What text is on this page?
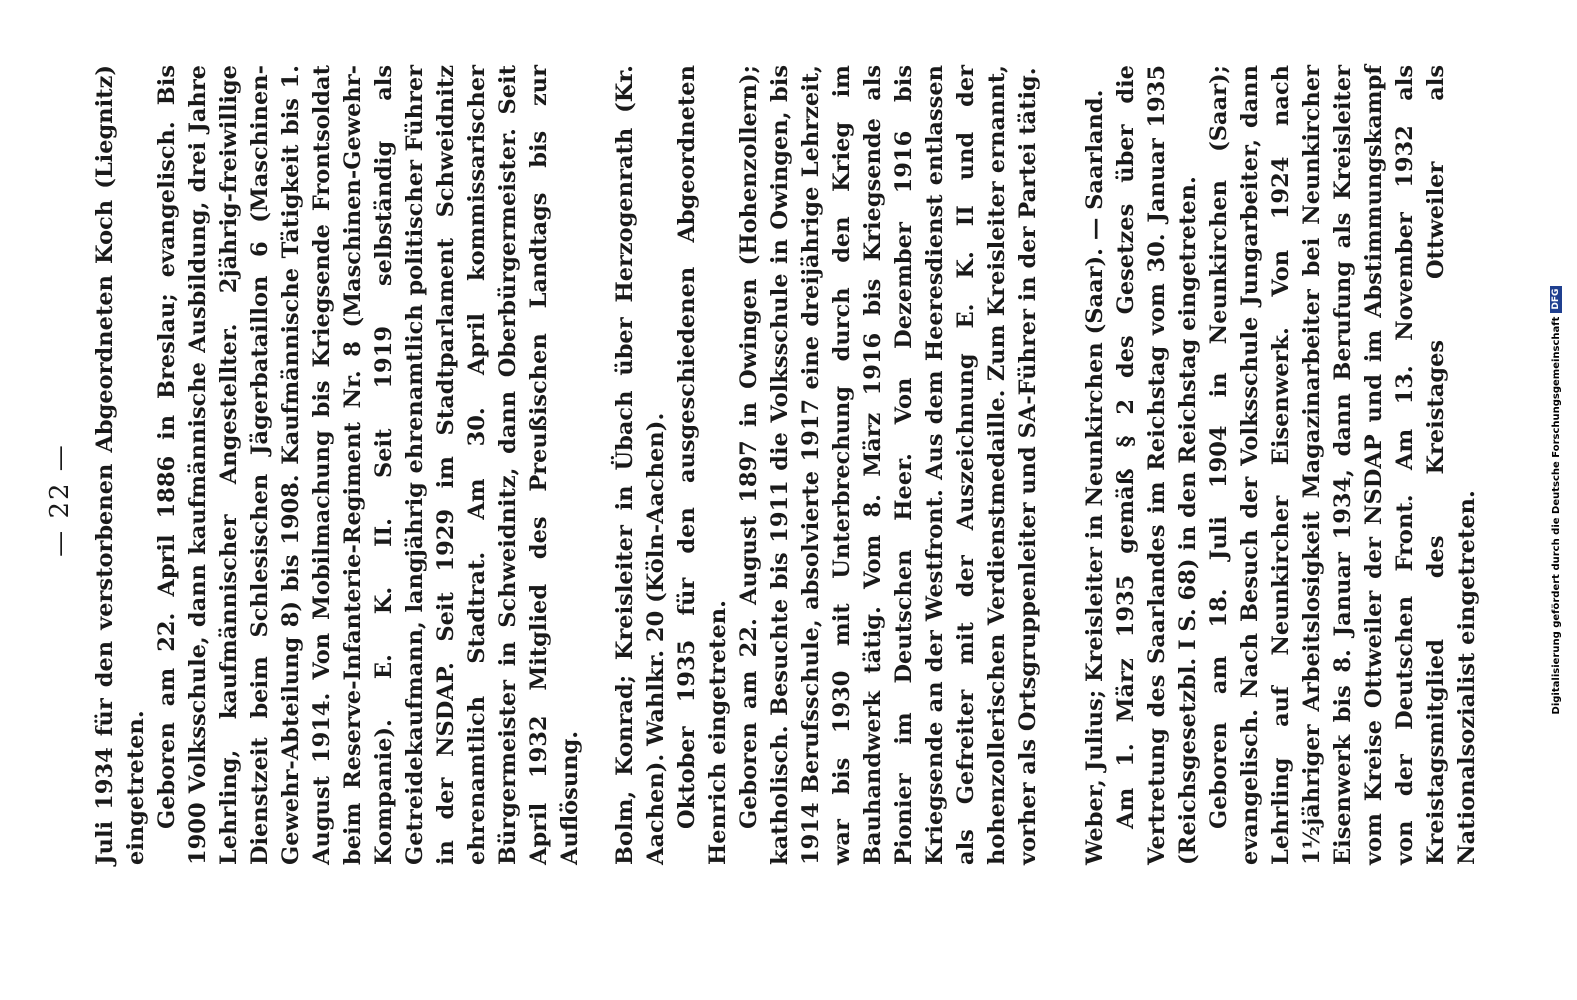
— 22 — Juli 1934 für den verstorbenen Abgeordneten Koch (Liegnitz) eingetreten. Geboren am 22. April 1886 in Breslau; evangelisch. Bis 1900 Volksschule, dann kaufmännische Ausbildung, drei Jahre Lehrling, kaufmännischer Angestellter. 2jährig-freiwillige Dienstzeit beim Schlesischen Jägerbataillon 6 (Maschinen-Gewehr-Abteilung 8) bis 1908. Kaufmännische Tätigkeit bis 1. August 1914. Von Mobilmachung bis Kriegsende Frontsoldat beim Reserve-Infanterie-Regiment Nr. 8 (Maschinen-Gewehr-Kompanie). E. K. II. Seit 1919 selbständig als Getreidekaufmann, langjährig ehrenamtlich politischer Führer in der NSDAP. Seit 1929 im Stadtparlament Schweidnitz ehrenamtlich Stadtrat. Am 30. April kommissarischer Bürgermeister in Schweidnitz, dann Oberbürgermeister. Seit April 1932 Mitglied des Preußischen Landtags bis zur Auflösung. Bolm, Konrad; Kreisleiter in Übach über Herzogenrath (Kr. Aachen). Wahlkr. 20 (Köln-Aachen). Oktober 1935 für den ausgeschiedenen Abgeordneten Henrich eingetreten. Geboren am 22. August 1897 in Owingen (Hohenzollern); katholisch. Besuchte bis 1911 die Volksschule in Owingen, bis 1914 Berufsschule, absolvierte 1917 eine dreijährige Lehrzeit, war bis 1930 mit Unterbrechung durch den Krieg im Bauhandwerk tätig. Vom 8. März 1916 bis Kriegsende als Pionier im Deutschen Heer. Von Dezember 1916 bis Kriegsende an der Westfront. Aus dem Heeresdienst entlassen als Gefreiter mit der Auszeichnung E. K. II und der hohenzollerischen Verdienstmedaille. Zum Kreisleiter ernannt, vorher als Ortsgruppenleiter und SA-Führer in der Partei tätig. Weber, Julius; Kreisleiter in Neunkirchen (Saar). — Saarland. Am 1. März 1935 gemäß § 2 des Gesetzes über die Vertretung des Saarlandes im Reichstag vom 30. Januar 1935 (Reichsgesetzbl. I S. 68) in den Reichstag eingetreten. Geboren am 18. Juli 1904 in Neunkirchen (Saar); evangelisch. Nach Besuch der Volksschule Jungarbeiter, dann Lehrling auf Neunkircher Eisenwerk. Von 1924 nach 1½jähriger Arbeitslosigkeit Magazinarbeiter bei Neunkircher Eisenwerk bis 8. Januar 1934, dann Berufung als Kreisleiter vom Kreise Ottweiler der NSDAP und im Abstimmungskampf von der Deutschen Front. Am 13. November 1932 als Kreistagsmitglied des Kreistages Ottweiler als Nationalsozialist eingetreten.	Digitalisierung gefördert durch die Deutsche Forschungsgemeinschaft
DFG
